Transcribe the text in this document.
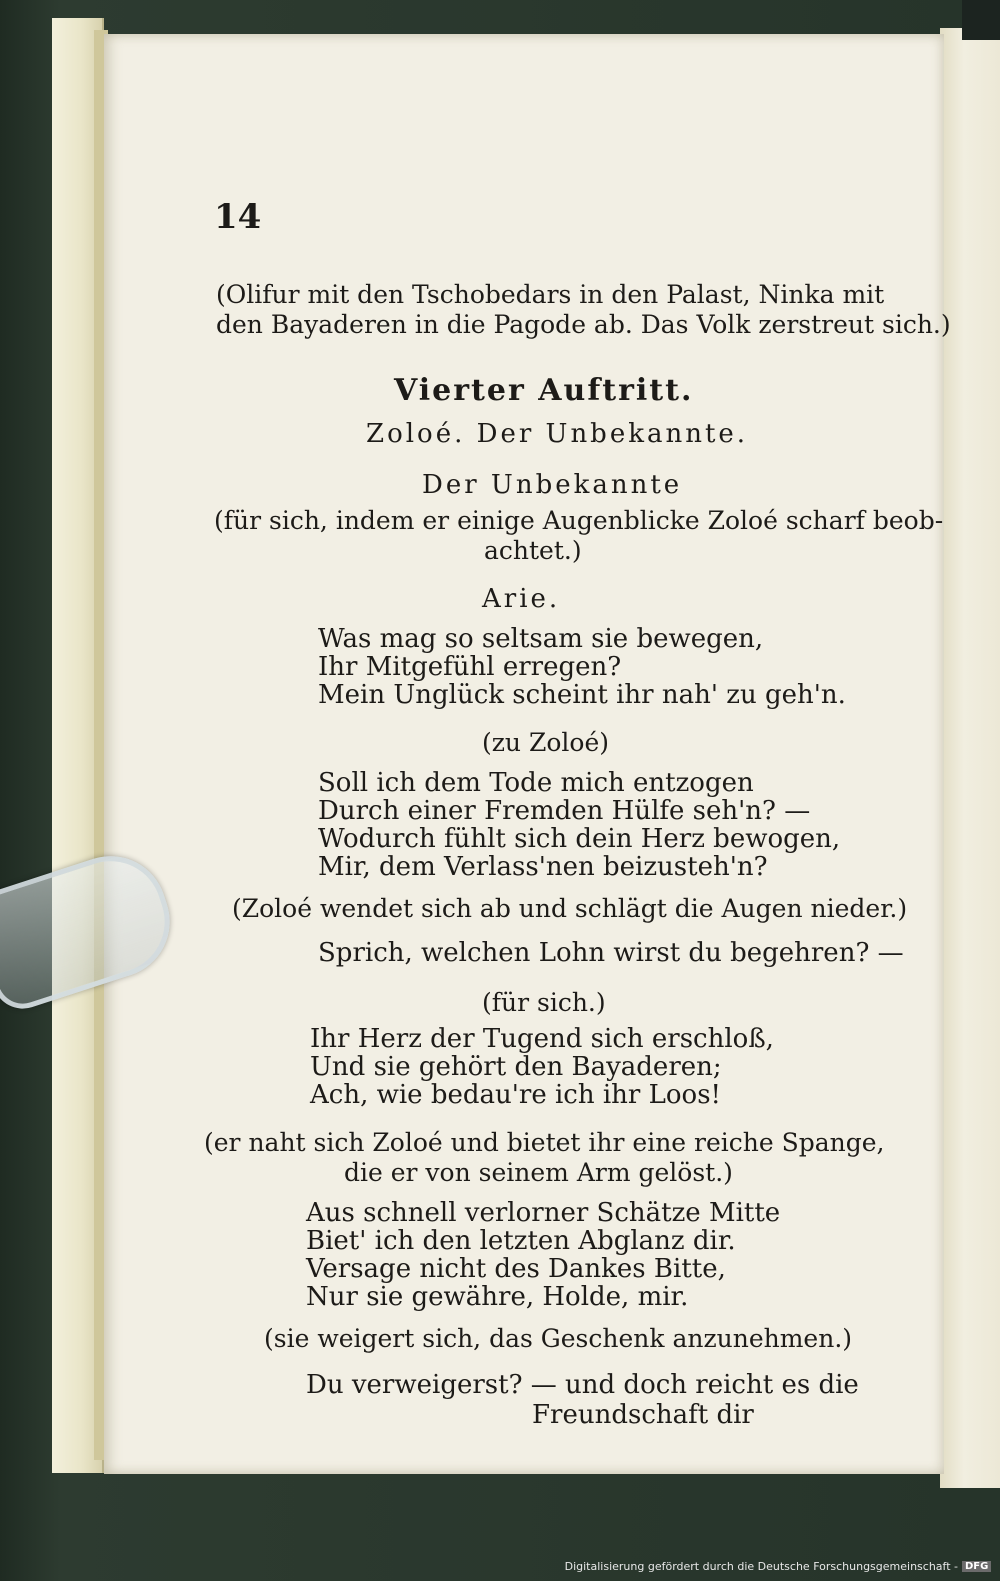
14
(Olifur mit den Tschobedars in den Palast, Ninka mit
den Bayaderen in die Pagode ab. Das Volk zerstreut sich.)
Vierter Auftritt.
Zoloé. Der Unbekannte.
Der Unbekannte
(für sich, indem er einige Augenblicke Zoloé scharf beob-
achtet.)
Arie.
Was mag so seltsam sie bewegen,
Ihr Mitgefühl erregen?
Mein Unglück scheint ihr nah' zu geh'n.
(zu Zoloé)
Soll ich dem Tode mich entzogen
Durch einer Fremden Hülfe seh'n? —
Wodurch fühlt sich dein Herz bewogen,
Mir, dem Verlass'nen beizusteh'n?
(Zoloé wendet sich ab und schlägt die Augen nieder.)
Sprich, welchen Lohn wirst du begehren? —
(für sich.)
Ihr Herz der Tugend sich erschloß,
Und sie gehört den Bayaderen;
Ach, wie bedau're ich ihr Loos!
(er naht sich Zoloé und bietet ihr eine reiche Spange,
die er von seinem Arm gelöst.)
Aus schnell verlorner Schätze Mitte
Biet' ich den letzten Abglanz dir.
Versage nicht des Dankes Bitte,
Nur sie gewähre, Holde, mir.
(sie weigert sich, das Geschenk anzunehmen.)
Du verweigerst? — und doch reicht es die
Freundschaft dir
Digitalisierung gefördert durch die Deutsche Forschungsgemeinschaft - DFG
